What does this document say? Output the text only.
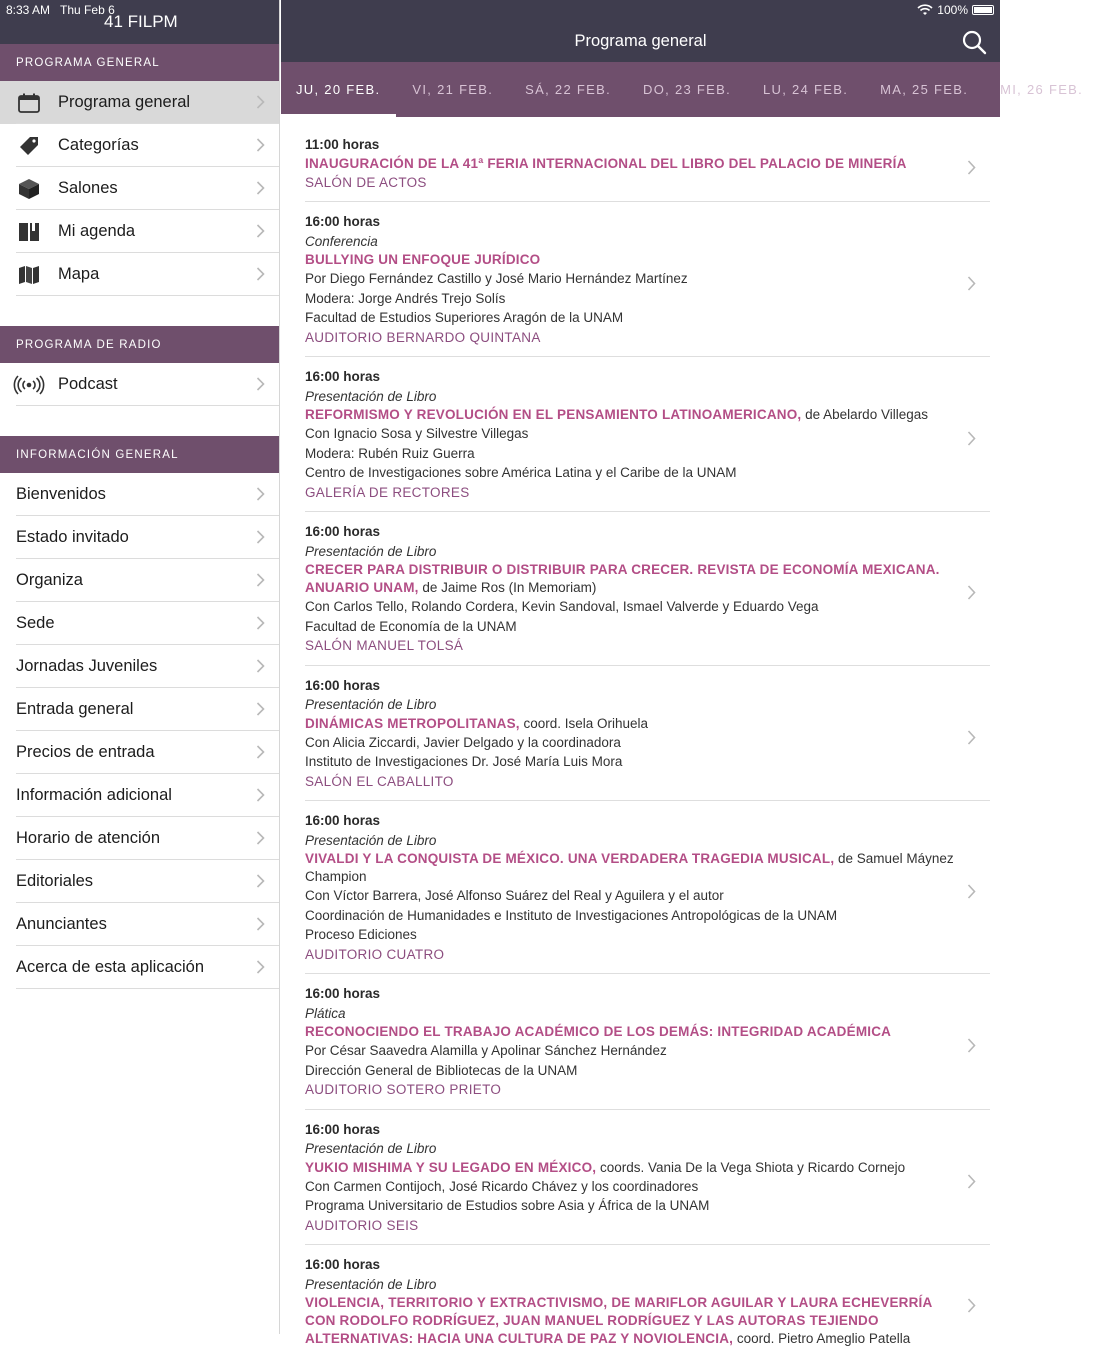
8:33 AM Thu Feb 6
41 FILPM
PROGRAMA GENERAL
Programa general
Categorías
Salones
Mi agenda
Mapa
PROGRAMA DE RADIO
Podcast
INFORMACIÓN GENERAL
Bienvenidos
Estado invitado
Organiza
Sede
Jornadas Juveniles
Entrada general
Precios de entrada
Información adicional
Horario de atención
Editoriales
Anunciantes
Acerca de esta aplicación
100%
Programa general
JU, 20 FEB.	VI, 21 FEB.	SÁ, 22 FEB.	DO, 23 FEB.	LU, 24 FEB.	MA, 25 FEB.	MI, 26 FEB.
11:00 horas
INAUGURACIÓN DE LA 41ª FERIA INTERNACIONAL DEL LIBRO DEL PALACIO DE MINERÍA
SALÓN DE ACTOS
16:00 horas
Conferencia
BULLYING UN ENFOQUE JURÍDICO
Por Diego Fernández Castillo y José Mario Hernández Martínez
Modera: Jorge Andrés Trejo Solís
Facultad de Estudios Superiores Aragón de la UNAM
AUDITORIO BERNARDO QUINTANA
16:00 horas
Presentación de Libro
REFORMISMO Y REVOLUCIÓN EN EL PENSAMIENTO LATINOAMERICANO, de Abelardo Villegas
Con Ignacio Sosa y Silvestre Villegas
Modera: Rubén Ruiz Guerra
Centro de Investigaciones sobre América Latina y el Caribe de la UNAM
GALERÍA DE RECTORES
16:00 horas
Presentación de Libro
CRECER PARA DISTRIBUIR O DISTRIBUIR PARA CRECER. REVISTA DE ECONOMÍA MEXICANA. ANUARIO UNAM, de Jaime Ros (In Memoriam)
Con Carlos Tello, Rolando Cordera, Kevin Sandoval, Ismael Valverde y Eduardo Vega
Facultad de Economía de la UNAM
SALÓN MANUEL TOLSÁ
16:00 horas
Presentación de Libro
DINÁMICAS METROPOLITANAS, coord. Isela Orihuela
Con Alicia Ziccardi, Javier Delgado y la coordinadora
Instituto de Investigaciones Dr. José María Luis Mora
SALÓN EL CABALLITO
16:00 horas
Presentación de Libro
VIVALDI Y LA CONQUISTA DE MÉXICO. UNA VERDADERA TRAGEDIA MUSICAL, de Samuel Máynez Champion
Con Víctor Barrera, José Alfonso Suárez del Real y Aguilera y el autor
Coordinación de Humanidades e Instituto de Investigaciones Antropológicas de la UNAM
Proceso Ediciones
AUDITORIO CUATRO
16:00 horas
Plática
RECONOCIENDO EL TRABAJO ACADÉMICO DE LOS DEMÁS: INTEGRIDAD ACADÉMICA
Por César Saavedra Alamilla y Apolinar Sánchez Hernández
Dirección General de Bibliotecas de la UNAM
AUDITORIO SOTERO PRIETO
16:00 horas
Presentación de Libro
YUKIO MISHIMA Y SU LEGADO EN MÉXICO, coords. Vania De la Vega Shiota y Ricardo Cornejo
Con Carmen Contijoch, José Ricardo Chávez y los coordinadores
Programa Universitario de Estudios sobre Asia y África de la UNAM
AUDITORIO SEIS
16:00 horas
Presentación de Libro
VIOLENCIA, TERRITORIO Y EXTRACTIVISMO, DE MARIFLOR AGUILAR Y LAURA ECHEVERRÍA CON RODOLFO RODRÍGUEZ, JUAN MANUEL RODRÍGUEZ Y LAS AUTORAS TEJIENDO ALTERNATIVAS: HACIA UNA CULTURA DE PAZ Y NOVIOLENCIA, coord. Pietro Ameglio Patella
